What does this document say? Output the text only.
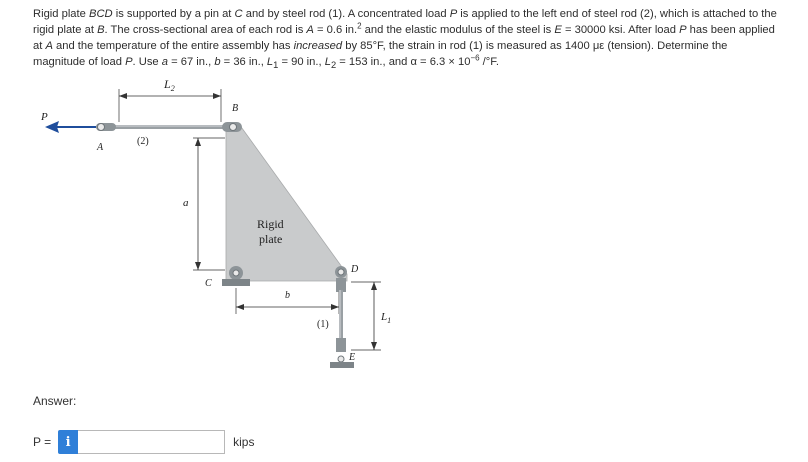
Rigid plate BCD is supported by a pin at C and by steel rod (1). A concentrated load P is applied to the left end of steel rod (2), which is attached to the rigid plate at B. The cross-sectional area of each rod is A = 0.6 in.$^2$ and the elastic modulus of the steel is E = 30000 ksi. After load P has been applied at A and the temperature of the entire assembly has increased by 85°F, the strain in rod (1) is measured as 1400 με (tension). Determine the magnitude of load P. Use a = 67 in., b = 36 in., $L_1 = 90$ in., $L_2 = 153$ in., and $\alpha = 6.3 \times 10^{-6}$ /°F.
$L_2$
Rigid
plate
P
A
(2)
B
a
C
b
D
(1)
E
$L_1$
Answer:
P =	i	kips
